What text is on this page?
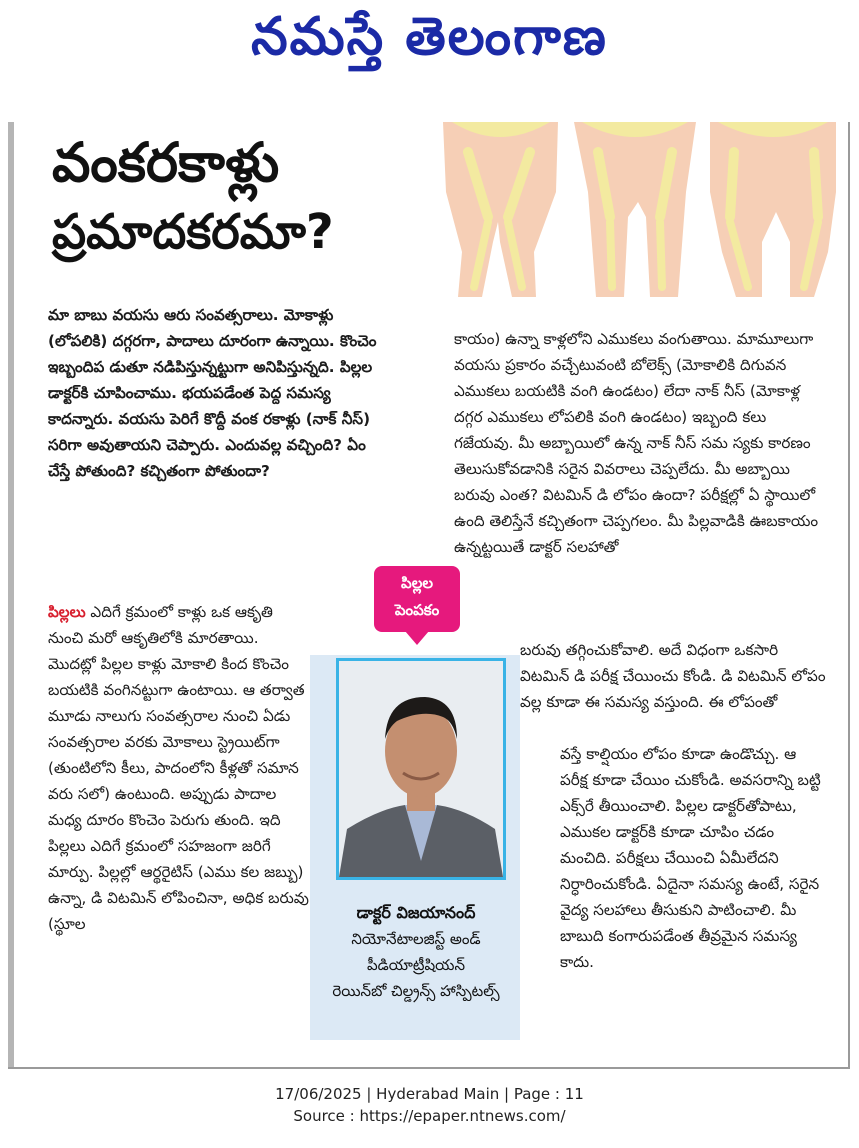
నమస్తే తెలంగాణ
వంకరకాళ్లు
ప్రమాదకరమా?

మా బాబు వయసు ఆరు సంవత్సరాలు. మోకాళ్లు (లోపలికి) దగ్గరగా, పాదాలు దూరంగా ఉన్నాయి. కొంచెం ఇబ్బందిప డుతూ నడిపిస్తున్నట్టుగా అనిపిస్తున్నది. పిల్లల డాక్టర్‌కి చూపించాము. భయపడేంత పెద్ద సమస్య కాదన్నారు. వయసు పెరిగే కొద్దీ వంక రకాళ్లు (నాక్ నీస్) సరిగా అవుతాయని చెప్పారు. ఎందువల్ల వచ్చింది? ఏం చేస్తే పోతుంది? కచ్చితంగా పోతుందా?

కాయం) ఉన్నా కాళ్లలోని ఎముకలు వంగుతాయి. మామూలుగా వయసు ప్రకారం వచ్చేటువంటి బోలెక్స్ (మోకాలికి దిగువన ఎముకలు బయటికి వంగి ఉండటం) లేదా నాక్ నీస్ (మోకాళ్ల దగ్గర ఎముకలు లోపలికి వంగి ఉండటం) ఇబ్బంది కలు గజేయవు. మీ అబ్బాయిలో ఉన్న నాక్ నీస్ సమ స్యకు కారణం తెలుసుకోవడానికి సరైన వివరాలు చెప్పలేదు. మీ అబ్బాయి బరువు ఎంత? విటమిన్ డి లోపం ఉందా? పరీక్షల్లో ఏ స్థాయిలో ఉంది తెలిస్తేనే కచ్చితంగా చెప్పగలం. మీ పిల్లవాడికి ఊబకాయం ఉన్నట్టయితే డాక్టర్ సలహాతో

బరువు తగ్గించుకోవాలి. అదే విధంగా ఒకసారి విటమిన్ డి పరీక్ష చేయించు కోండి. డి విటమిన్ లోపం వల్ల కూడా ఈ సమస్య వస్తుంది. ఈ లోపంతో

వస్తే కాల్షియం లోపం కూడా ఉండొచ్చు. ఆ పరీక్ష కూడా చేయిం చుకోండి. అవసరాన్ని బట్టి ఎక్స్‌రే తీయించాలి. పిల్లల డాక్టర్‌తోపాటు, ఎముకల డాక్టర్‌కి కూడా చూపిం చడం మంచిది. పరీక్షలు చేయించి ఏమీలేదని నిర్ధారించుకోండి. ఏదైనా సమస్య ఉంటే, సరైన వైద్య సలహాలు తీసుకుని పాటించాలి. మీ బాబుది కంగారుపడేంత తీవ్రమైన సమస్య కాదు.

పిల్లలు ఎదిగే క్రమంలో కాళ్లు ఒక ఆకృతి నుంచి మరో ఆకృతిలోకి మారతాయి. మొదట్లో పిల్లల కాళ్లు మోకాలి కింద కొంచెం బయటికి వంగినట్టుగా ఉంటాయి. ఆ తర్వాత మూడు నాలుగు సంవత్సరాల నుంచి ఏడు సంవత్సరాల వరకు మోకాలు స్ట్రెయిట్‌గా (తుంటిలోని కీలు, పాదంలోని కీళ్లతో సమాన వరు సలో) ఉంటుంది. అప్పుడు పాదాల మధ్య దూరం కొంచెం పెరుగు తుంది. ఇది పిల్లలు ఎదిగే క్రమంలో సహజంగా జరిగే మార్పు. పిల్లల్లో ఆర్థరైటిస్ (ఎము కల జబ్బు) ఉన్నా, డి విటమిన్ లోపించినా, అధిక బరువు (స్థూల

పిల్లల
పెంపకం
డాక్టర్ విజయానంద్
నియోనేటాలజిస్ట్ అండ్
పీడియాట్రీషియన్
రెయిన్‌బో చిల్డ్రన్స్ హాస్పిటల్స్
17/06/2025 | Hyderabad Main | Page : 11
Source : https://epaper.ntnews.com/
